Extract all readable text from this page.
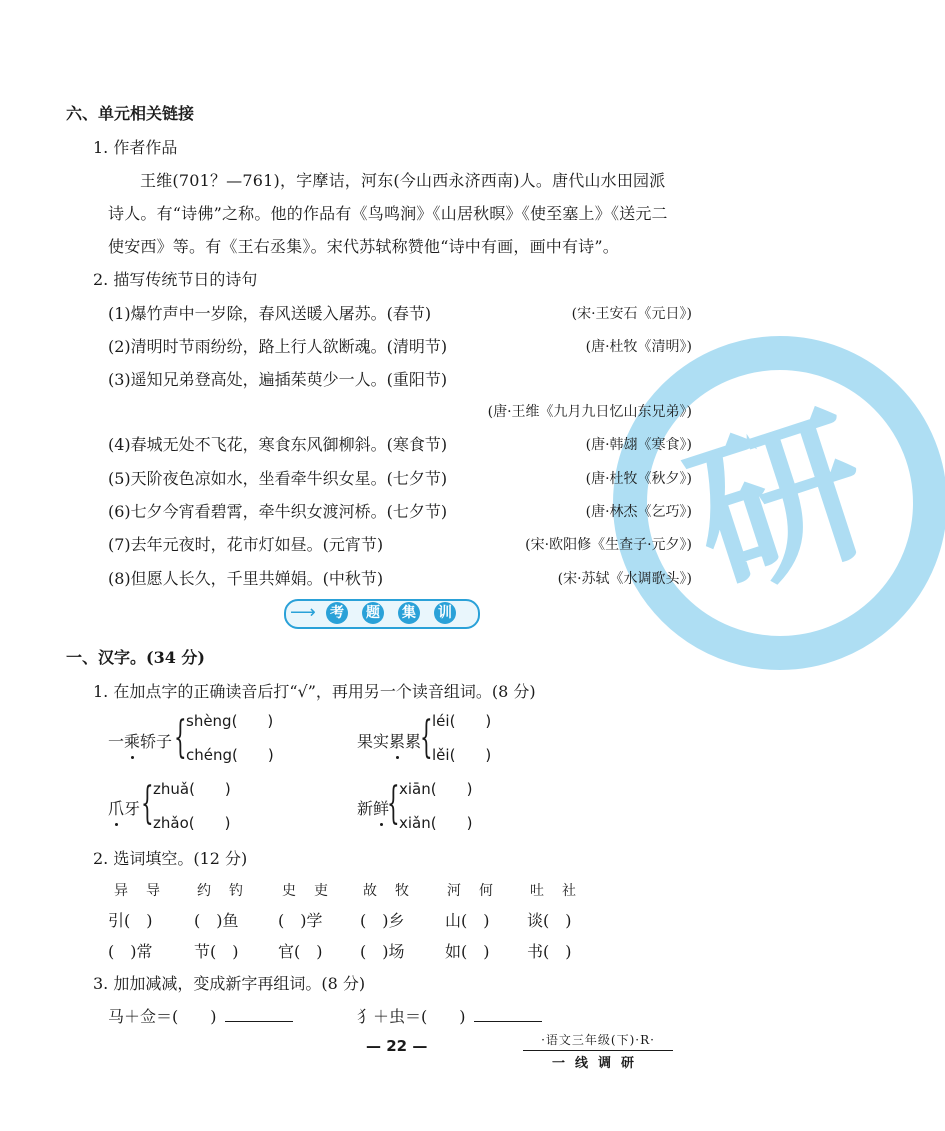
研
六、单元相关链接
1. 作者作品
王维(701？—761)，字摩诘，河东(今山西永济西南)人。唐代山水田园派
诗人。有“诗佛”之称。他的作品有《鸟鸣涧》《山居秋暝》《使至塞上》《送元二
使安西》等。有《王右丞集》。宋代苏轼称赞他“诗中有画，画中有诗”。
2. 描写传统节日的诗句
(1)爆竹声中一岁除，春风送暖入屠苏。(春节)	(宋·王安石《元日》)
(2)清明时节雨纷纷，路上行人欲断魂。(清明节)	(唐·杜牧《清明》)
(3)遥知兄弟登高处，遍插茱萸少一人。(重阳节)
(唐·王维《九月九日忆山东兄弟》)
(4)春城无处不飞花，寒食东风御柳斜。(寒食节)	(唐·韩翃《寒食》)
(5)天阶夜色凉如水，坐看牵牛织女星。(七夕节)	(唐·杜牧《秋夕》)
(6)七夕今宵看碧霄，牵牛织女渡河桥。(七夕节)	(唐·林杰《乞巧》)
(7)去年元夜时，花市灯如昼。(元宵节)	(宋·欧阳修《生查子·元夕》)
(8)但愿人长久，千里共婵娟。(中秋节)	(宋·苏轼《水调歌头》)
⟶ 考 题 集 训
一、汉字。(34 分)
1. 在加点字的正确读音后打“√”，再用另一个读音组词。(8 分)
一乘轿子 { shèng(　　)
chéng(　　)
果实累累
{ léi(　　)
lěi(　　)
爪牙 { zhuǎ(　　)
zhǎo(　　)
新鲜
{ xiān(　　)
xiǎn(　　)
2. 选词填空。(12 分)
异　导	约　钓	史　吏 故　牧	河　何	吐　社
引(　)	(　)鱼 (　)学 (　)乡	山(　) 谈(　)
(　)常	节(　) 官(　) (　)场	如(　) 书(　)
3. 加加减减，变成新字再组词。(8 分)
马＋佥＝(　　)	犭＋虫＝(　　)
— 22 —	·语文三年级(下)·R·
一线调研
